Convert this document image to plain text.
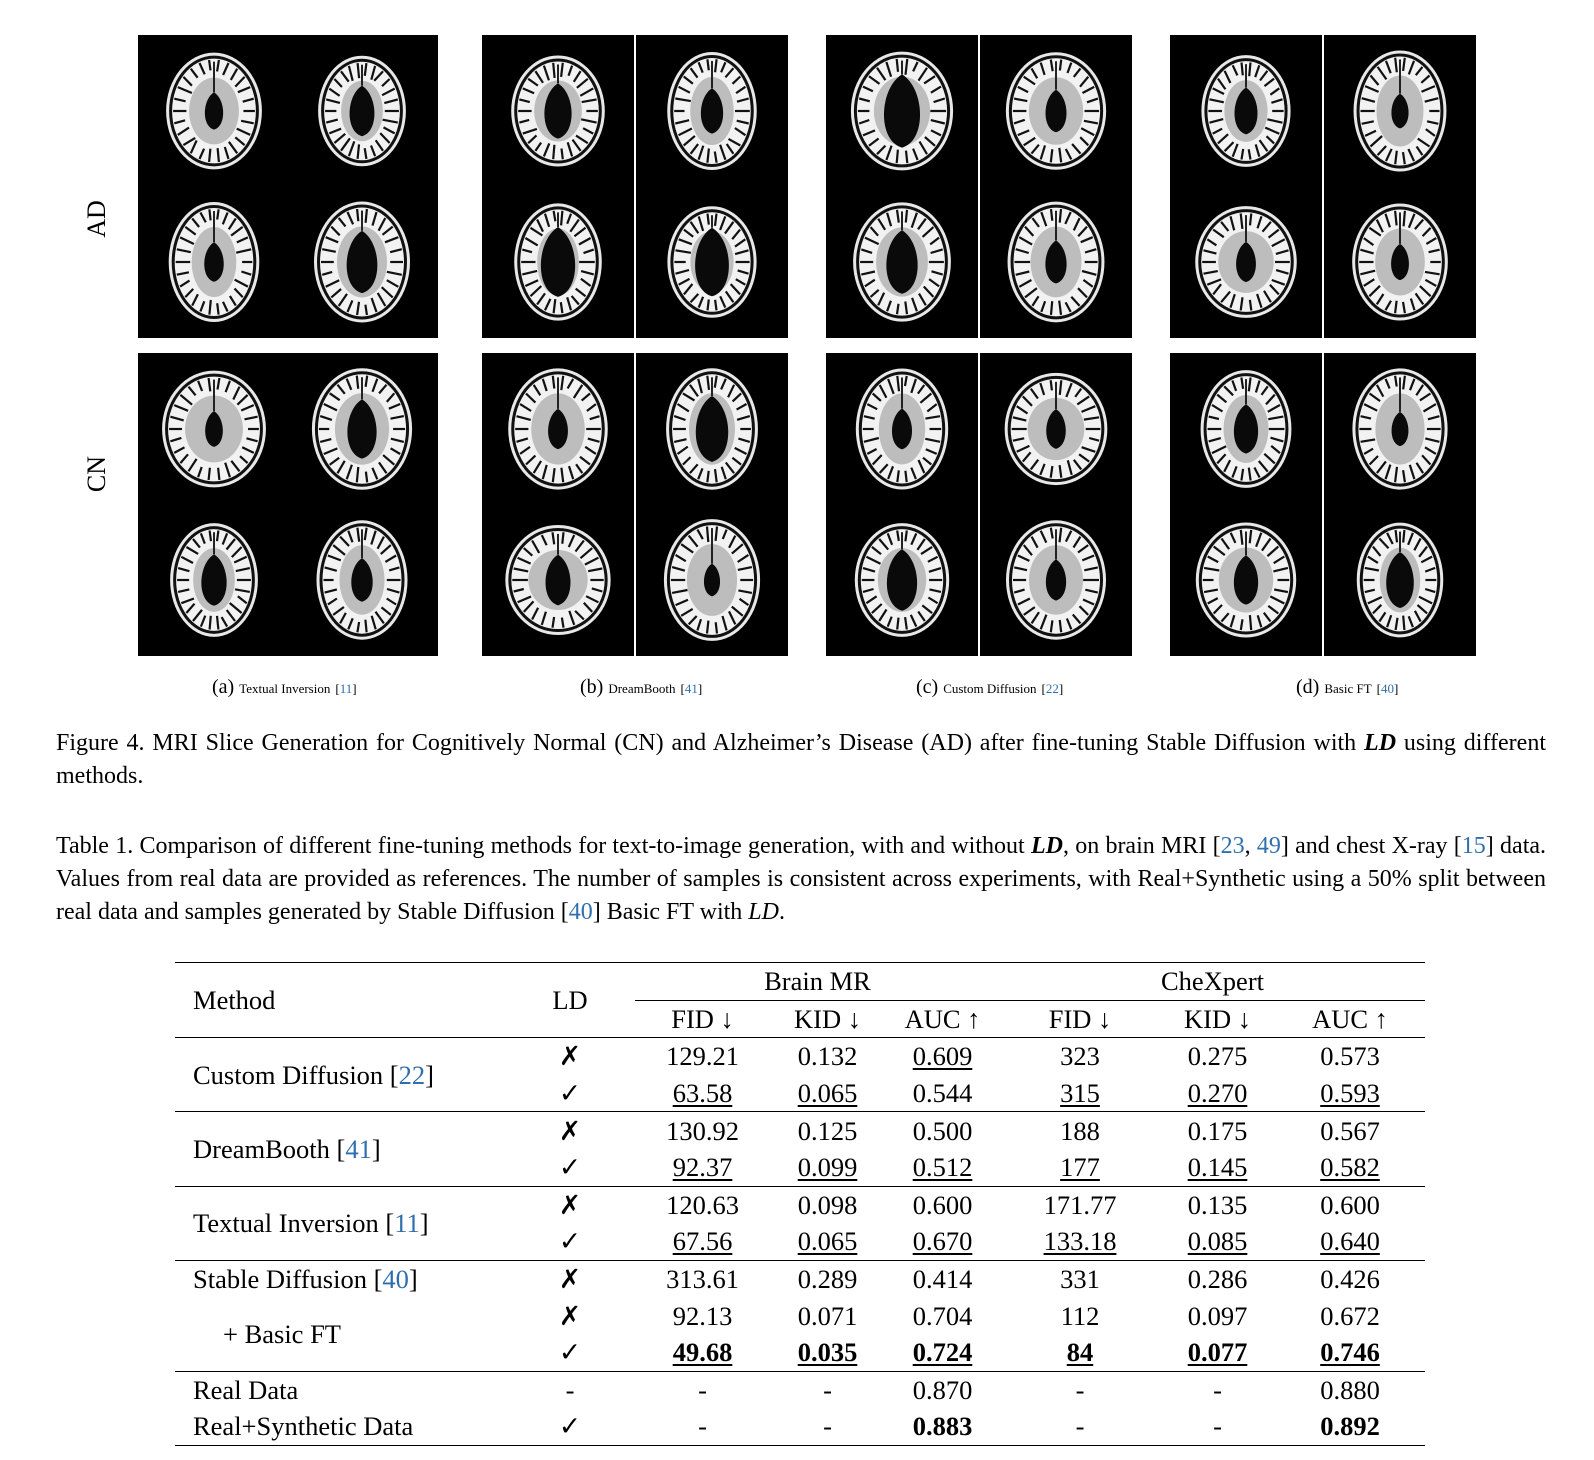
AD
CN
(a) Textual Inversion [11]	(b) DreamBooth [41]	(c) Custom Diffusion [22]	(d) Basic FT [40]
Figure 4. MRI Slice Generation for Cognitively Normal (CN) and Alzheimer’s Disease (AD) after fine-tuning Stable Diffusion with LD using different methods.
Table 1. Comparison of different fine-tuning methods for text-to-image generation, with and without LD, on brain MRI [23, 49] and chest X-ray [15] data. Values from real data are provided as references. The number of samples is consistent across experiments, with Real+Synthetic using a 50% split between real data and samples generated by Stable Diffusion [40] Basic FT with LD.
Method	LD	Brain MR			CheXpert		
		FID ↓	KID ↓	AUC ↑	FID ↓	KID ↓	AUC ↑
Custom Diffusion [22]	✗	129.21	0.132	0.609	323	0.275	0.573
	✓	63.58	0.065	0.544	315	0.270	0.593
DreamBooth [41]	✗	130.92	0.125	0.500	188	0.175	0.567
	✓	92.37	0.099	0.512	177	0.145	0.582
Textual Inversion [11]	✗	120.63	0.098	0.600	171.77	0.135	0.600
	✓	67.56	0.065	0.670	133.18	0.085	0.640
Stable Diffusion [40]	✗	313.61	0.289	0.414	331	0.286	0.426
+ Basic FT	✗	92.13	0.071	0.704	112	0.097	0.672
	✓	49.68	0.035	0.724	84	0.077	0.746
Real Data	-	-	-	0.870	-	-	0.880
Real+Synthetic Data	✓	-	-	0.883	-	-	0.892
